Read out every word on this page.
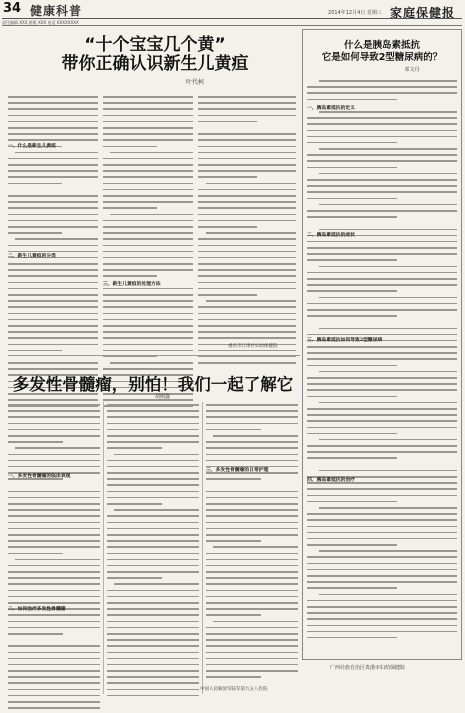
34 健康科普	2014年12月4日 星期三 家庭保健报
责任编辑 XXX 排版 XXX 电话 XXXXXXXX
“十个宝宝几个黄”
带你正确认识新生儿黄疸
叶代柯
一、什么是新生儿黄疸
二、新生儿黄疸的分类
三、新生儿黄疸的处理方法
重庆市江津区妇幼保健院
多发性骨髓瘤，别怕！我们一起了解它
胡刚鑫
一、多发性骨髓瘤的临床表现
二、如何治疗多发性骨髓瘤
三、多发性骨髓瘤的日常护理
中国人民解放军陆军第九五八医院
什么是胰岛素抵抗
它是如何导致2型糖尿病的？
邓文丹
一、胰岛素抵抗的定义
二、胰岛素抵抗的症状
三、胰岛素抵抗如何导致2型糖尿病
四、胰岛素抵抗的治疗
广西壮族自治区贵港市妇幼保健院
